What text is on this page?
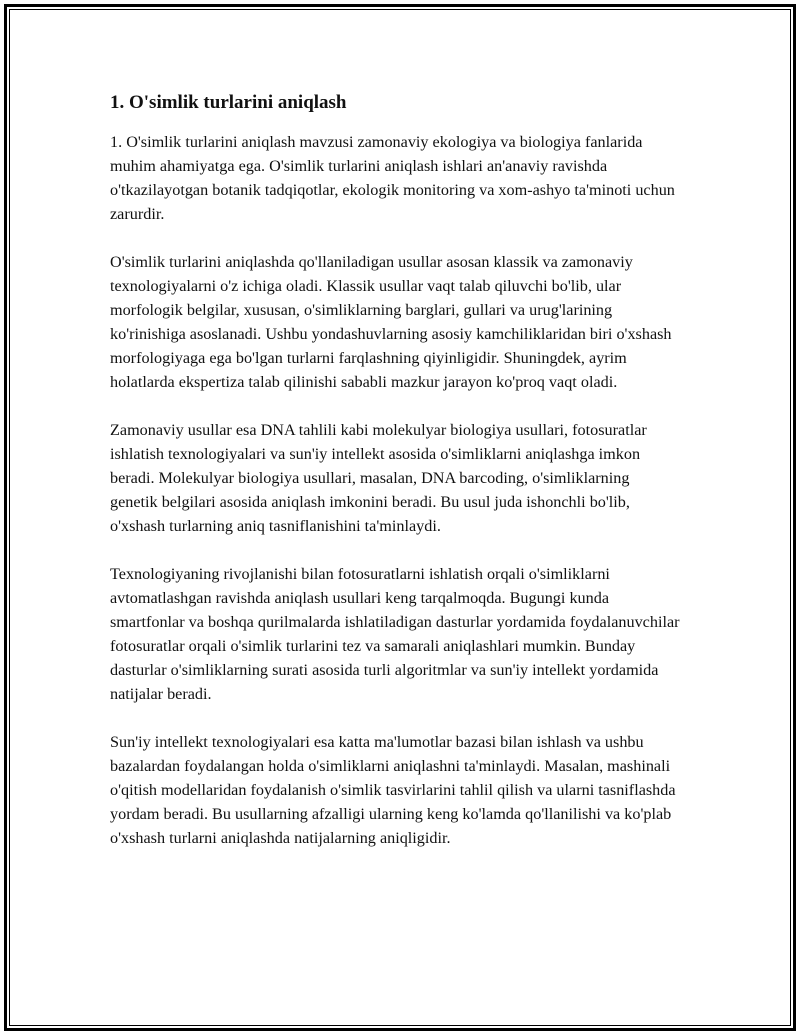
1. O'simlik turlarini aniqlash

1. O'simlik turlarini aniqlash mavzusi zamonaviy ekologiya va biologiya fanlarida muhim ahamiyatga ega. O'simlik turlarini aniqlash ishlari an'anaviy ravishda o'tkazilayotgan botanik tadqiqotlar, ekologik monitoring va xom-ashyo ta'minoti uchun zarurdir.

O'simlik turlarini aniqlashda qo'llaniladigan usullar asosan klassik va zamonaviy texnologiyalarni o'z ichiga oladi. Klassik usullar vaqt talab qiluvchi bo'lib, ular morfologik belgilar, xususan, o'simliklarning barglari, gullari va urug'larining ko'rinishiga asoslanadi. Ushbu yondashuvlarning asosiy kamchiliklaridan biri o'xshash morfologiyaga ega bo'lgan turlarni farqlashning qiyinligidir. Shuningdek, ayrim holatlarda ekspertiza talab qilinishi sababli mazkur jarayon ko'proq vaqt oladi.

Zamonaviy usullar esa DNA tahlili kabi molekulyar biologiya usullari, fotosuratlar ishlatish texnologiyalari va sun'iy intellekt asosida o'simliklarni aniqlashga imkon beradi. Molekulyar biologiya usullari, masalan, DNA barcoding, o'simliklarning genetik belgilari asosida aniqlash imkonini beradi. Bu usul juda ishonchli bo'lib, o'xshash turlarning aniq tasniflanishini ta'minlaydi.

Texnologiyaning rivojlanishi bilan fotosuratlarni ishlatish orqali o'simliklarni avtomatlashgan ravishda aniqlash usullari keng tarqalmoqda. Bugungi kunda smartfonlar va boshqa qurilmalarda ishlatiladigan dasturlar yordamida foydalanuvchilar fotosuratlar orqali o'simlik turlarini tez va samarali aniqlashlari mumkin. Bunday dasturlar o'simliklarning surati asosida turli algoritmlar va sun'iy intellekt yordamida natijalar beradi.

Sun'iy intellekt texnologiyalari esa katta ma'lumotlar bazasi bilan ishlash va ushbu bazalardan foydalangan holda o'simliklarni aniqlashni ta'minlaydi. Masalan, mashinali o'qitish modellaridan foydalanish o'simlik tasvirlarini tahlil qilish va ularni tasniflashda yordam beradi. Bu usullarning afzalligi ularning keng ko'lamda qo'llanilishi va ko'plab o'xshash turlarni aniqlashda natijalarning aniqligidir.
